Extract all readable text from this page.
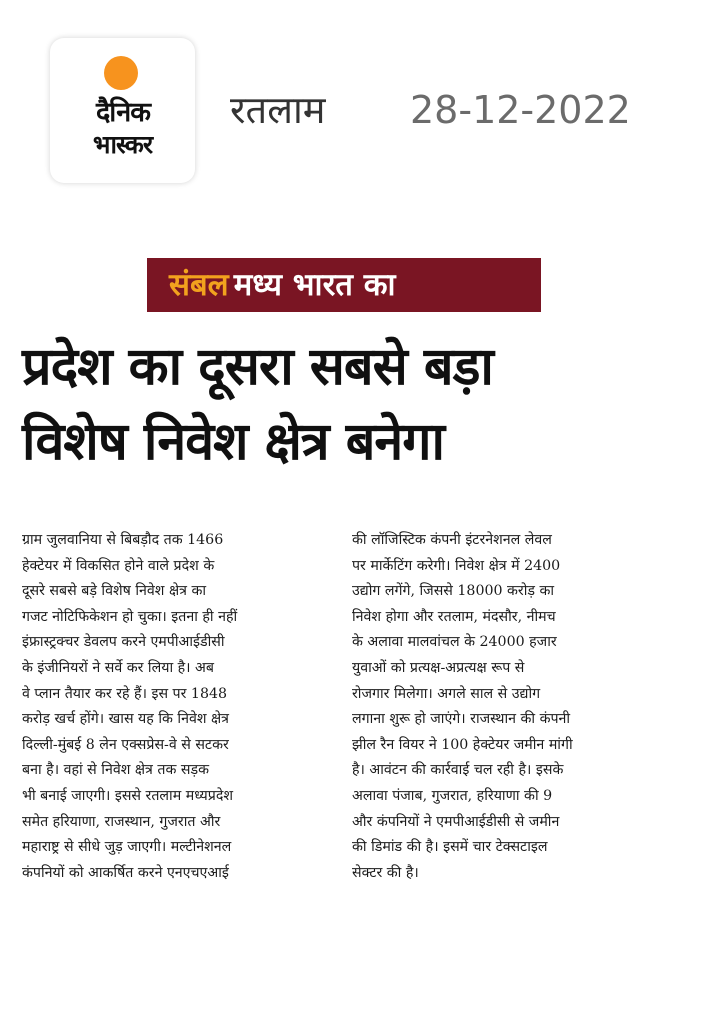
दैनिक
भास्कर
रतलाम 28-12-2022
संबल मध्य भारत का
प्रदेश का दूसरा सबसे बड़ा
विशेष निवेश क्षेत्र बनेगा
ग्राम जुलवानिया से बिबड़ौद तक 1466
हेक्टेयर में विकसित होने वाले प्रदेश के
दूसरे सबसे बड़े विशेष निवेश क्षेत्र का
गजट नोटिफिकेशन हो चुका। इतना ही नहीं
इंफ्रास्ट्रक्चर डेवलप करने एमपीआईडीसी
के इंजीनियरों ने सर्वे कर लिया है। अब
वे प्लान तैयार कर रहे हैं। इस पर 1848
करोड़ खर्च होंगे। खास यह कि निवेश क्षेत्र
दिल्ली-मुंबई 8 लेन एक्सप्रेस-वे से सटकर
बना है। वहां से निवेश क्षेत्र तक सड़क
भी बनाई जाएगी। इससे रतलाम मध्यप्रदेश
समेत हरियाणा, राजस्थान, गुजरात और
महाराष्ट्र से सीधे जुड़ जाएगी। मल्टीनेशनल
कंपनियों को आकर्षित करने एनएचएआई
की लॉजिस्टिक कंपनी इंटरनेशनल लेवल
पर मार्केटिंग करेगी। निवेश क्षेत्र में 2400
उद्योग लगेंगे, जिससे 18000 करोड़ का
निवेश होगा और रतलाम, मंदसौर, नीमच
के अलावा मालवांचल के 24000 हजार
युवाओं को प्रत्यक्ष-अप्रत्यक्ष रूप से
रोजगार मिलेगा। अगले साल से उद्योग
लगाना शुरू हो जाएंगे। राजस्थान की कंपनी
झील रैन वियर ने 100 हेक्टेयर जमीन मांगी
है। आवंटन की कार्रवाई चल रही है। इसके
अलावा पंजाब, गुजरात, हरियाणा की 9
और कंपनियों ने एमपीआईडीसी से जमीन
की डिमांड की है। इसमें चार टेक्सटाइल
सेक्टर की है।
